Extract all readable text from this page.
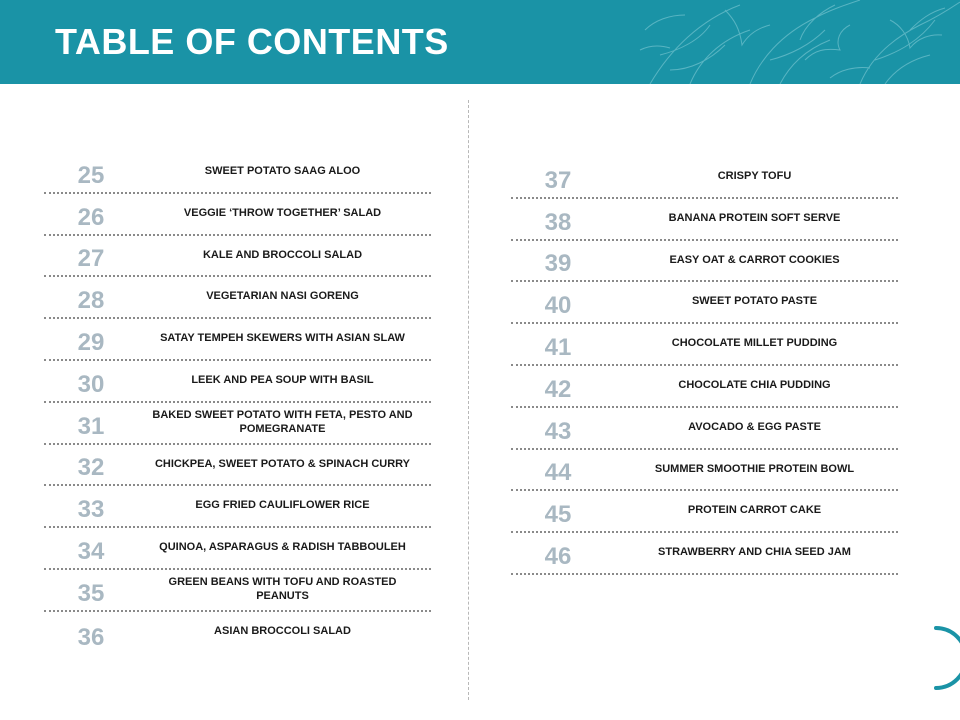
TABLE OF CONTENTS
25	SWEET POTATO SAAG ALOO
26	VEGGIE ‘THROW TOGETHER’ SALAD
27	KALE AND BROCCOLI SALAD
28	VEGETARIAN NASI GORENG
29	SATAY TEMPEH SKEWERS WITH ASIAN SLAW
30	LEEK AND PEA SOUP WITH BASIL
31	BAKED SWEET POTATO WITH FETA, PESTO AND POMEGRANATE
32	CHICKPEA, SWEET POTATO & SPINACH CURRY
33	EGG FRIED CAULIFLOWER RICE
34	QUINOA, ASPARAGUS & RADISH TABBOULEH
35	GREEN BEANS WITH TOFU AND ROASTED PEANUTS
36	ASIAN BROCCOLI SALAD
37	CRISPY TOFU
38	BANANA PROTEIN SOFT SERVE
39	EASY OAT & CARROT COOKIES
40	SWEET POTATO PASTE
41	CHOCOLATE MILLET PUDDING
42	CHOCOLATE CHIA PUDDING
43	AVOCADO & EGG PASTE
44	SUMMER SMOOTHIE PROTEIN BOWL
45	PROTEIN CARROT CAKE
46	STRAWBERRY AND CHIA SEED JAM
